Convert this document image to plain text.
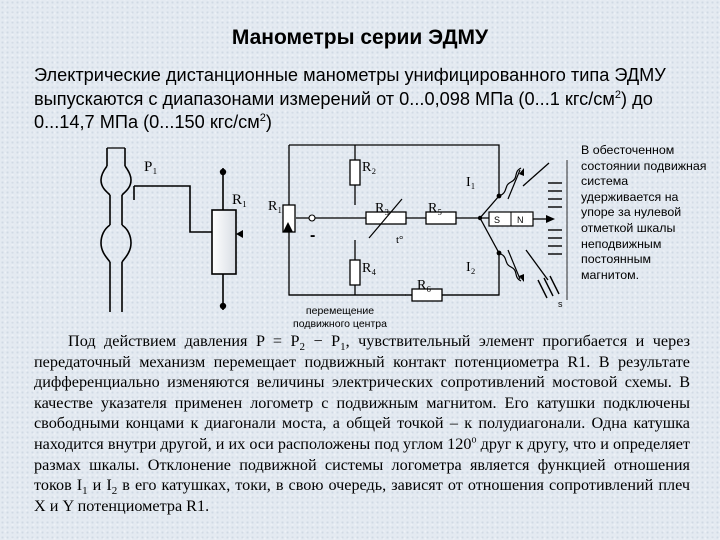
Манометры серии ЭДМУ
Электрические дистанционные манометры унифицированного типа ЭДМУ выпускаются с диапазонами измерений от 0...0,098 МПа (0...1 кгс/$см^2$) до 0...14,7 МПа (0...150 кгс/$см^2$)
P₁
R₁
S N
s
R₁
R₂
R₃
R₄
R₅
R₆
I₁
I₂
t°
-
перемещение
подвижного центра
В обесточенном состоянии подвижная система удерживается на упоре за нулевой отметкой шкалы неподвижным постоянным магнитом.
Под действием давления $P = P_2 - P_1$, чувствительный элемент прогибается и через передаточный механизм перемещает подвижный контакт потенциометра R1. В результате дифференциально изменяются величины электрических сопротивлений мостовой схемы. В качестве указателя применен логометр с подвижным магнитом. Его катушки подключены свободными концами к диагонали моста, а общей точкой – к полудиагонали. Одна катушка находится внутри другой, и их оси расположены под углом $120^о$ друг к другу, что и определяет размах шкалы. Отклонение подвижной системы логометра является функцией отношения токов $I_1$ и $I_2$ в его катушках, токи, в свою очередь, зависят от отношения сопротивлений плеч X и Y потенциометра R1.
